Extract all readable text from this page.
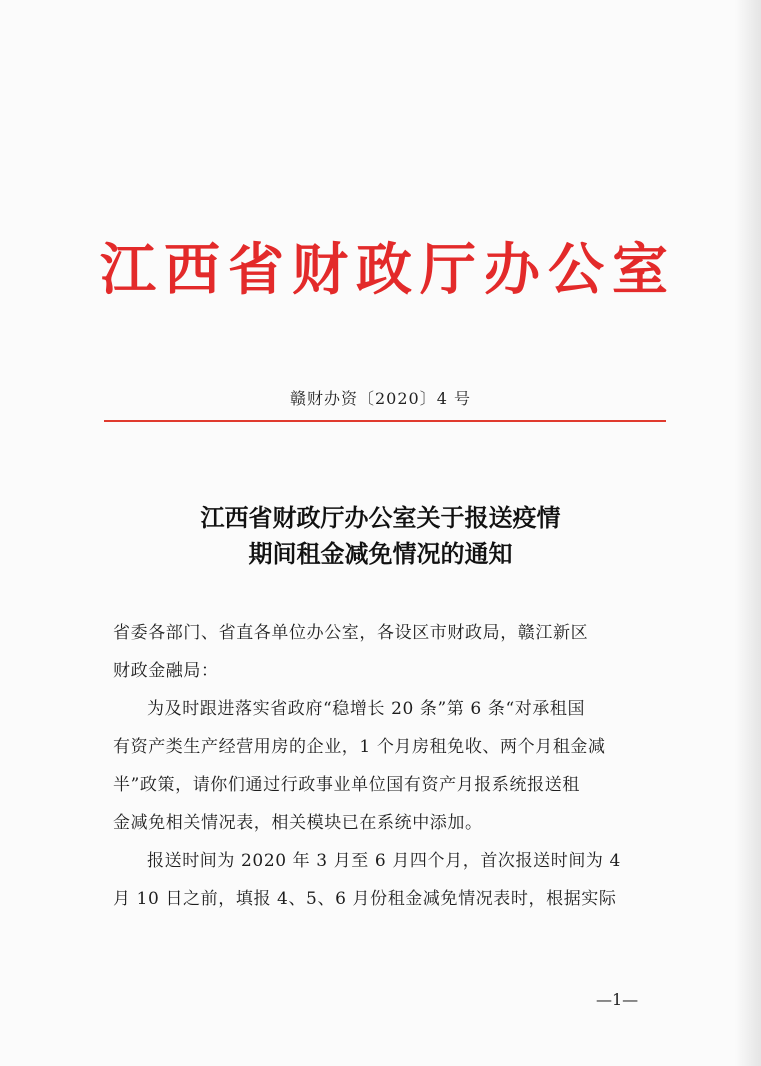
江西省财政厅办公室
赣财办资〔2020〕4 号
江西省财政厅办公室关于报送疫情
期间租金减免情况的通知
省委各部门、省直各单位办公室，各设区市财政局，赣江新区
财政金融局：
为及时跟进落实省政府“稳增长 20 条”第 6 条“对承租国
有资产类生产经营用房的企业，1 个月房租免收、两个月租金减
半”政策，请你们通过行政事业单位国有资产月报系统报送租
金减免相关情况表，相关模块已在系统中添加。
报送时间为 2020 年 3 月至 6 月四个月，首次报送时间为 4
月 10 日之前，填报 4、5、6 月份租金减免情况表时，根据实际
—1—
